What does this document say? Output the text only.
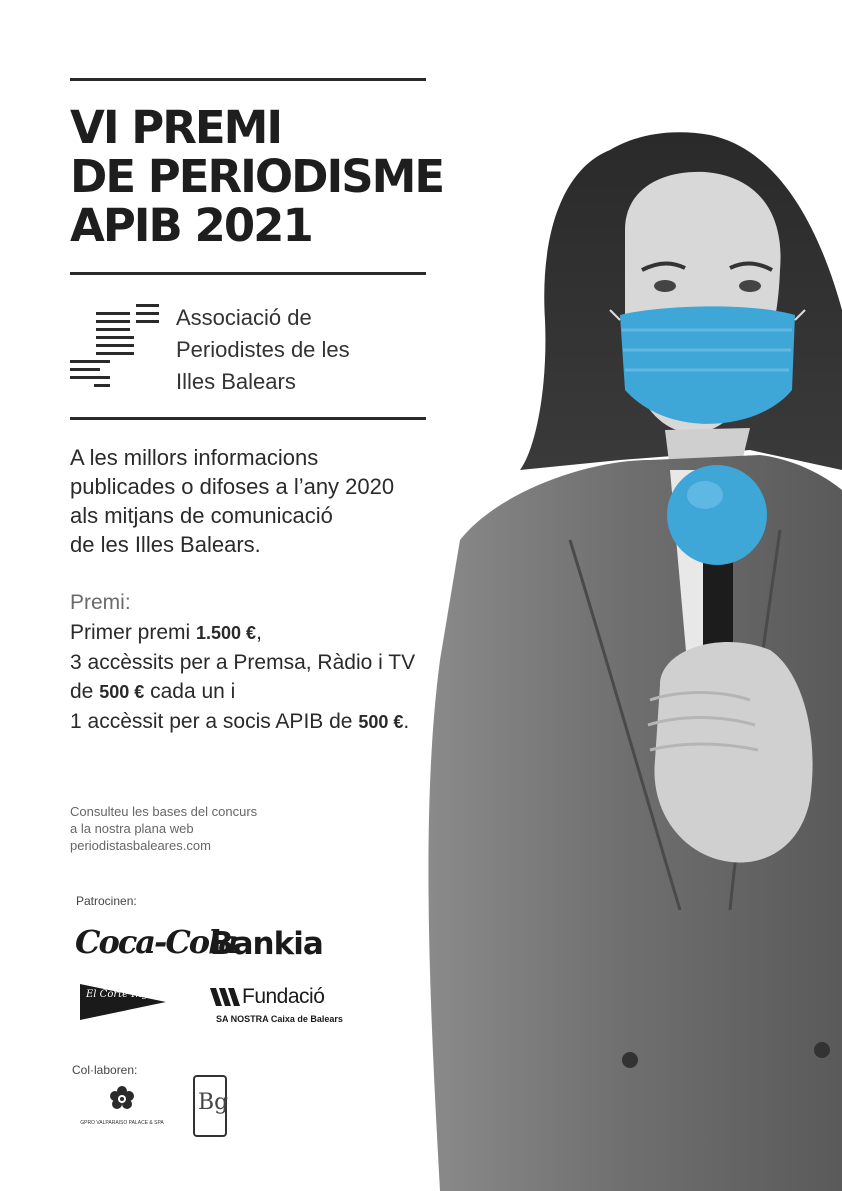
VI PREMI
DE PERIODISME
APIB 2021
Associació de
Periodistes de les
Illes Balears
A les millors informacions
publicades o difoses a l’any 2020
als mitjans de comunicació
de les Illes Balears.
Premi:
Primer premi 1.500 €,
3 accèssits per a Premsa, Ràdio i TV
de 500 € cada un i
1 accèssit per a socis APIB de 500 €.
Consulteu les bases del concurs
a la nostra plana web
periodistasbaleares.com
Patrocinen:
Coca-Cola
Bankia
El Corte Inglés	Fundació
SA NOSTRA Caixa de Balears
Col·laboren:
GPRO VALPARAISO PALACE & SPA
Bg
